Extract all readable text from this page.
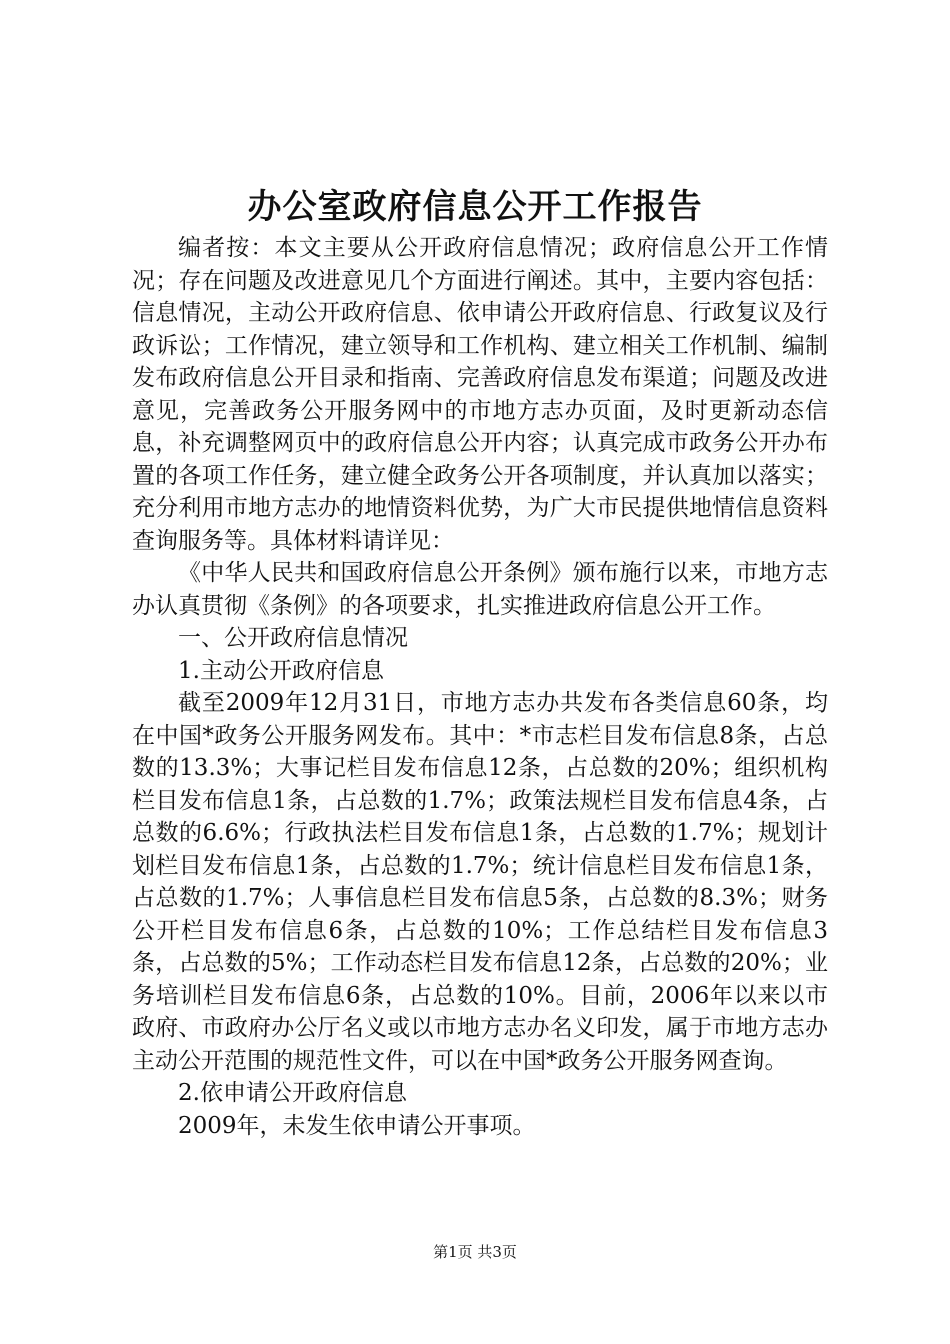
办公室政府信息公开工作报告

编者按：本文主要从公开政府信息情况；政府信息公开工作情况；存在问题及改进意见几个方面进行阐述。其中，主要内容包括：信息情况，主动公开政府信息、依申请公开政府信息、行政复议及行政诉讼；工作情况，建立领导和工作机构、建立相关工作机制、编制发布政府信息公开目录和指南、完善政府信息发布渠道；问题及改进意见，完善政务公开服务网中的市地方志办页面，及时更新动态信息，补充调整网页中的政府信息公开内容；认真完成市政务公开办布置的各项工作任务，建立健全政务公开各项制度，并认真加以落实；充分利用市地方志办的地情资料优势，为广大市民提供地情信息资料查询服务等。具体材料请详见：

《中华人民共和国政府信息公开条例》颁布施行以来，市地方志办认真贯彻《条例》的各项要求，扎实推进政府信息公开工作。

一、公开政府信息情况

1.主动公开政府信息

截至2009年12月31日，市地方志办共发布各类信息60条，均在中国*政务公开服务网发布。其中：*市志栏目发布信息8条，占总数的13.3%；大事记栏目发布信息12条，占总数的20%；组织机构栏目发布信息1条，占总数的1.7%；政策法规栏目发布信息4条，占总数的6.6%；行政执法栏目发布信息1条，占总数的1.7%；规划计划栏目发布信息1条，占总数的1.7%；统计信息栏目发布信息1条，占总数的1.7%；人事信息栏目发布信息5条，占总数的8.3%；财务公开栏目发布信息6条，占总数的10%；工作总结栏目发布信息3条，占总数的5%；工作动态栏目发布信息12条，占总数的20%；业务培训栏目发布信息6条，占总数的10%。目前，2006年以来以市政府、市政府办公厅名义或以市地方志办名义印发，属于市地方志办主动公开范围的规范性文件，可以在中国*政务公开服务网查询。

2.依申请公开政府信息

2009年，未发生依申请公开事项。

第1页 共3页
